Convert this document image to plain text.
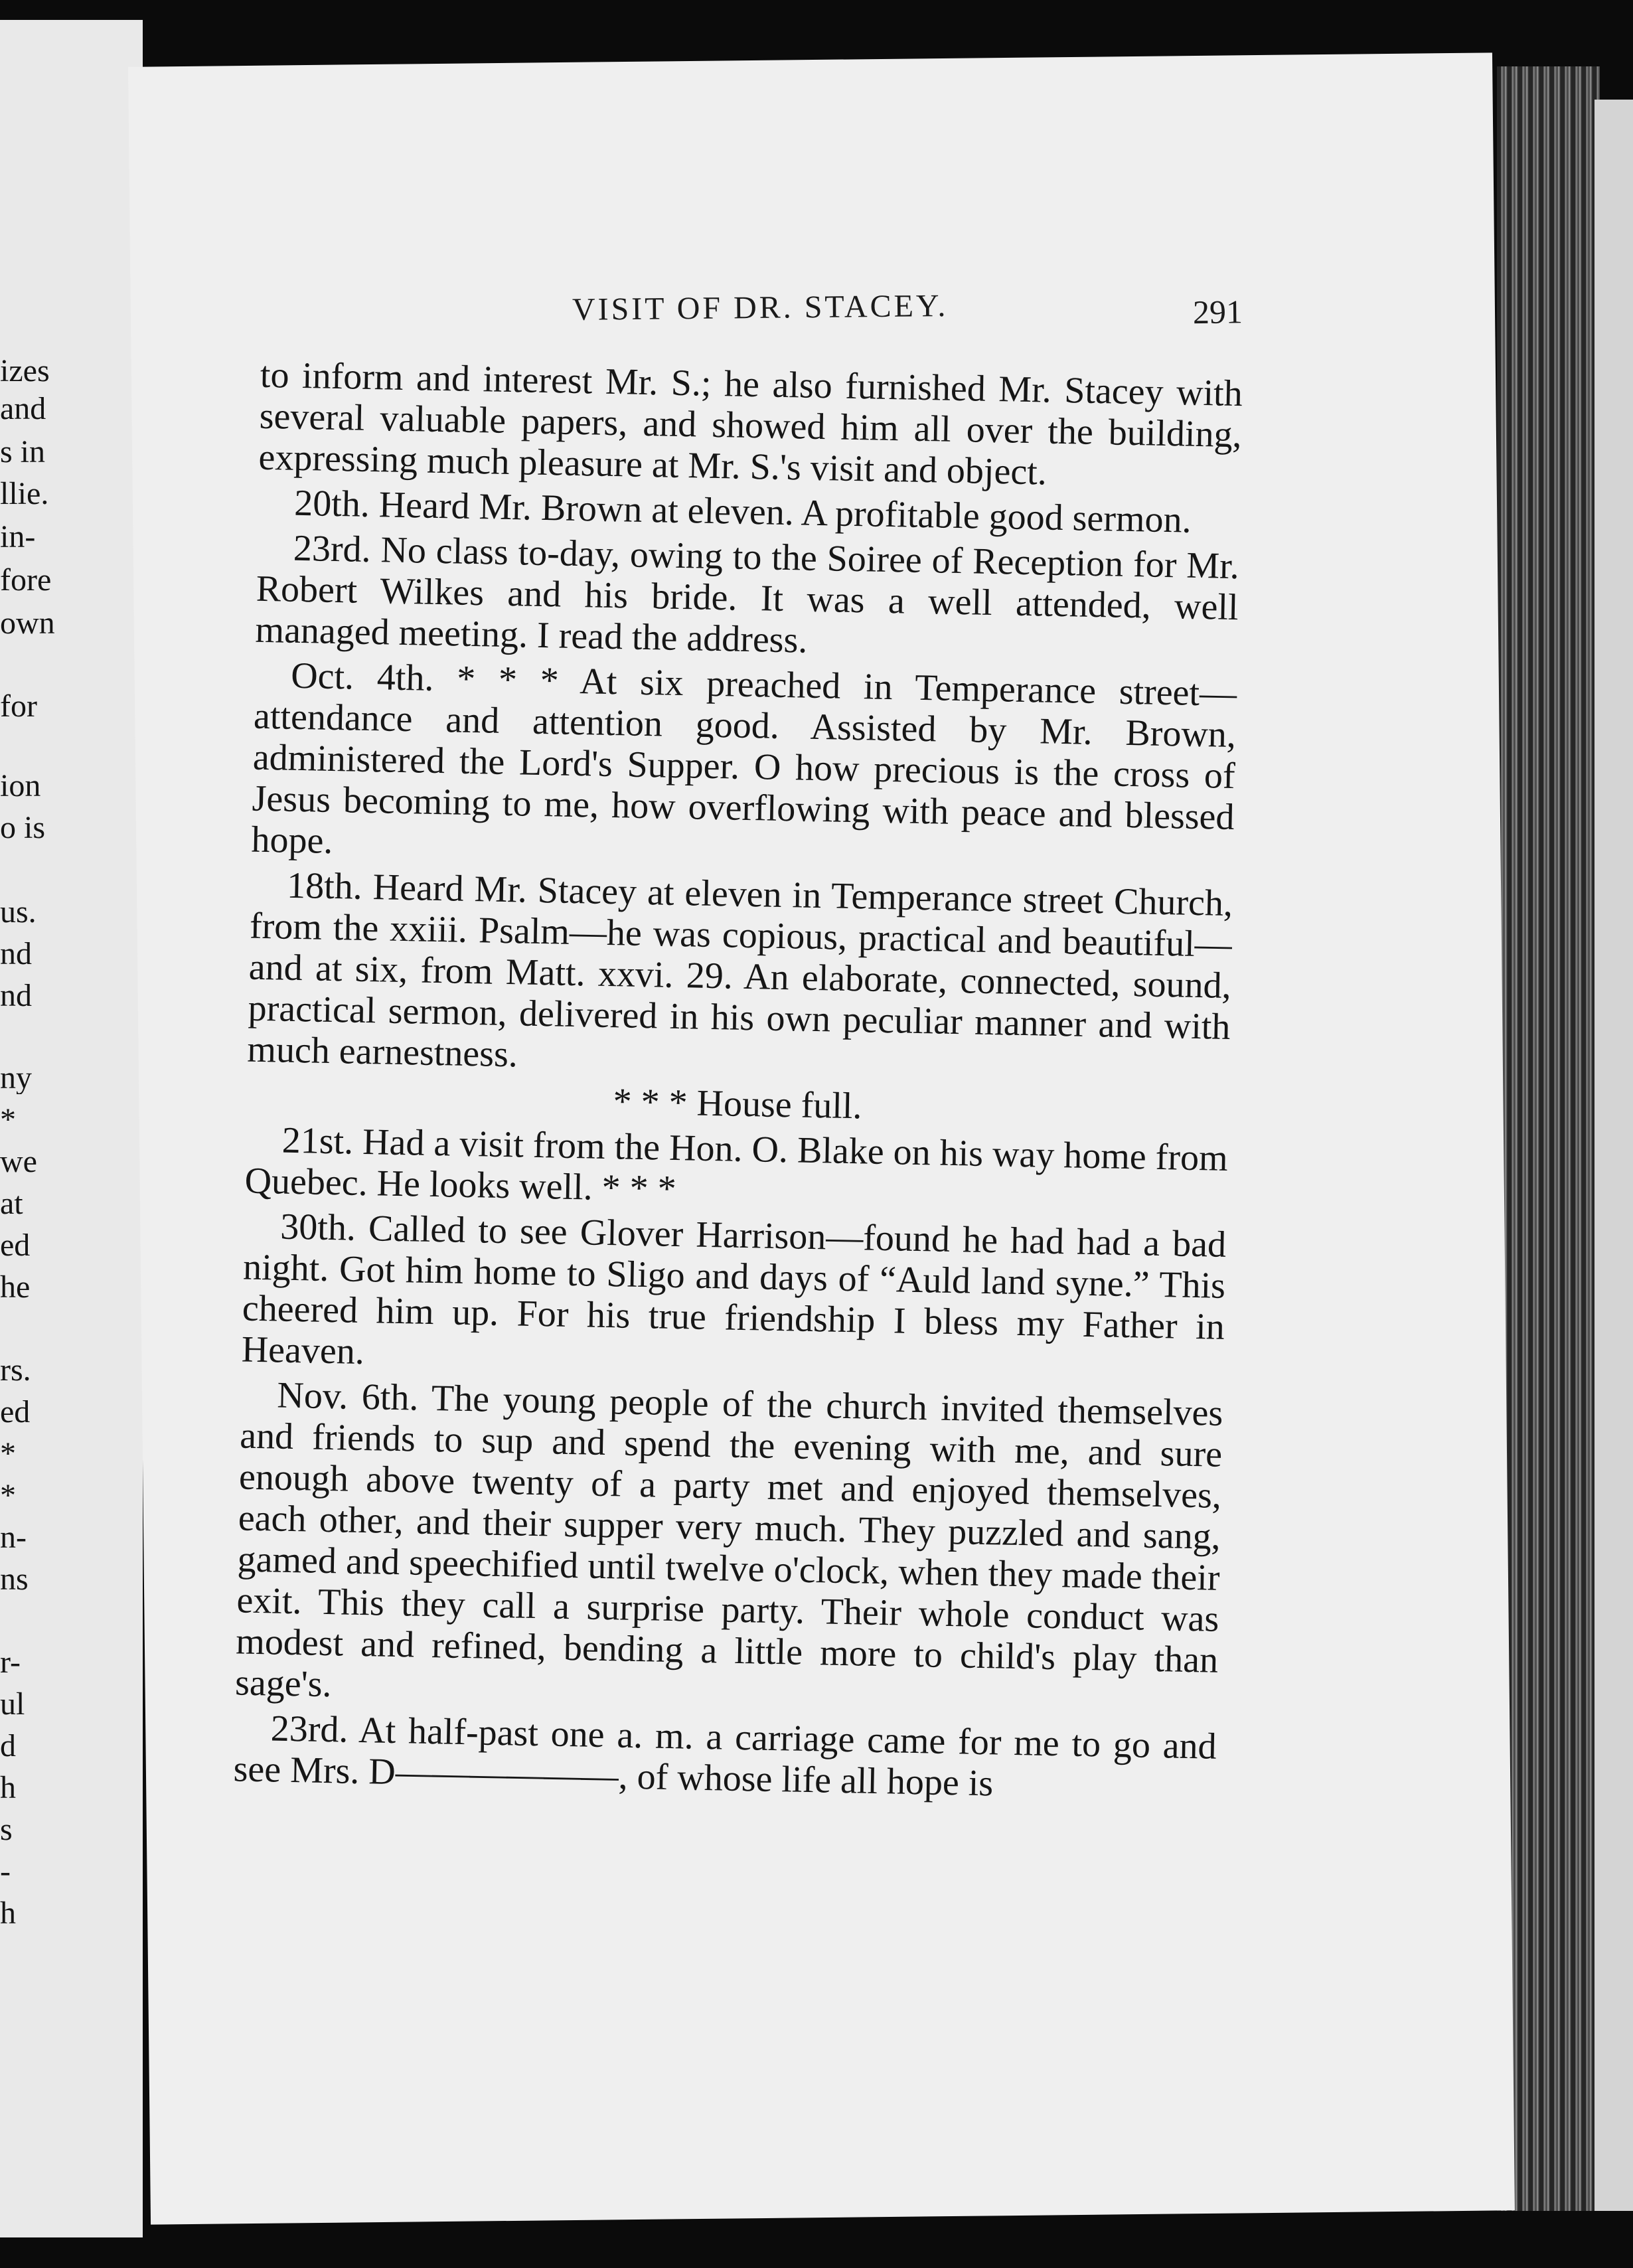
izes
and
s in
llie.
in-
fore
own
for
ion
o is
us.
nd
nd
ny
*
we
at
ed
he
rs.
ed
*
*
n-
ns
r-
ul
d
h
s
-
h
VISIT OF DR. STACEY.	291

to inform and interest Mr. S.; he also furnished Mr. Stacey with several valuable papers, and showed him all over the building, expressing much pleasure at Mr. S.'s visit and object.

20th. Heard Mr. Brown at eleven. A profitable good sermon.

23rd. No class to-day, owing to the Soiree of Reception for Mr. Robert Wilkes and his bride. It was a well attended, well managed meeting. I read the address.

Oct. 4th. * * * At six preached in Temperance street—attendance and attention good. Assisted by Mr. Brown, administered the Lord's Supper. O how precious is the cross of Jesus becoming to me, how overflowing with peace and blessed hope.

18th. Heard Mr. Stacey at eleven in Temperance street Church, from the xxiii. Psalm—he was copious, practical and beautiful—and at six, from Matt. xxvi. 29. An elaborate, connected, sound, practical sermon, delivered in his own peculiar manner and with much earnestness.

* * * House full.

21st. Had a visit from the Hon. O. Blake on his way home from Quebec. He looks well. * * *

30th. Called to see Glover Harrison—found he had had a bad night. Got him home to Sligo and days of “Auld land syne.” This cheered him up. For his true friendship I bless my Father in Heaven.

Nov. 6th. The young people of the church invited themselves and friends to sup and spend the evening with me, and sure enough above twenty of a party met and enjoyed themselves, each other, and their supper very much. They puzzled and sang, gamed and speechified until twelve o'clock, when they made their exit. This they call a surprise party. Their whole conduct was modest and refined, bending a little more to child's play than sage's.

23rd. At half-past one a. m. a carriage came for me to go and see Mrs. D——————, of whose life all hope is
